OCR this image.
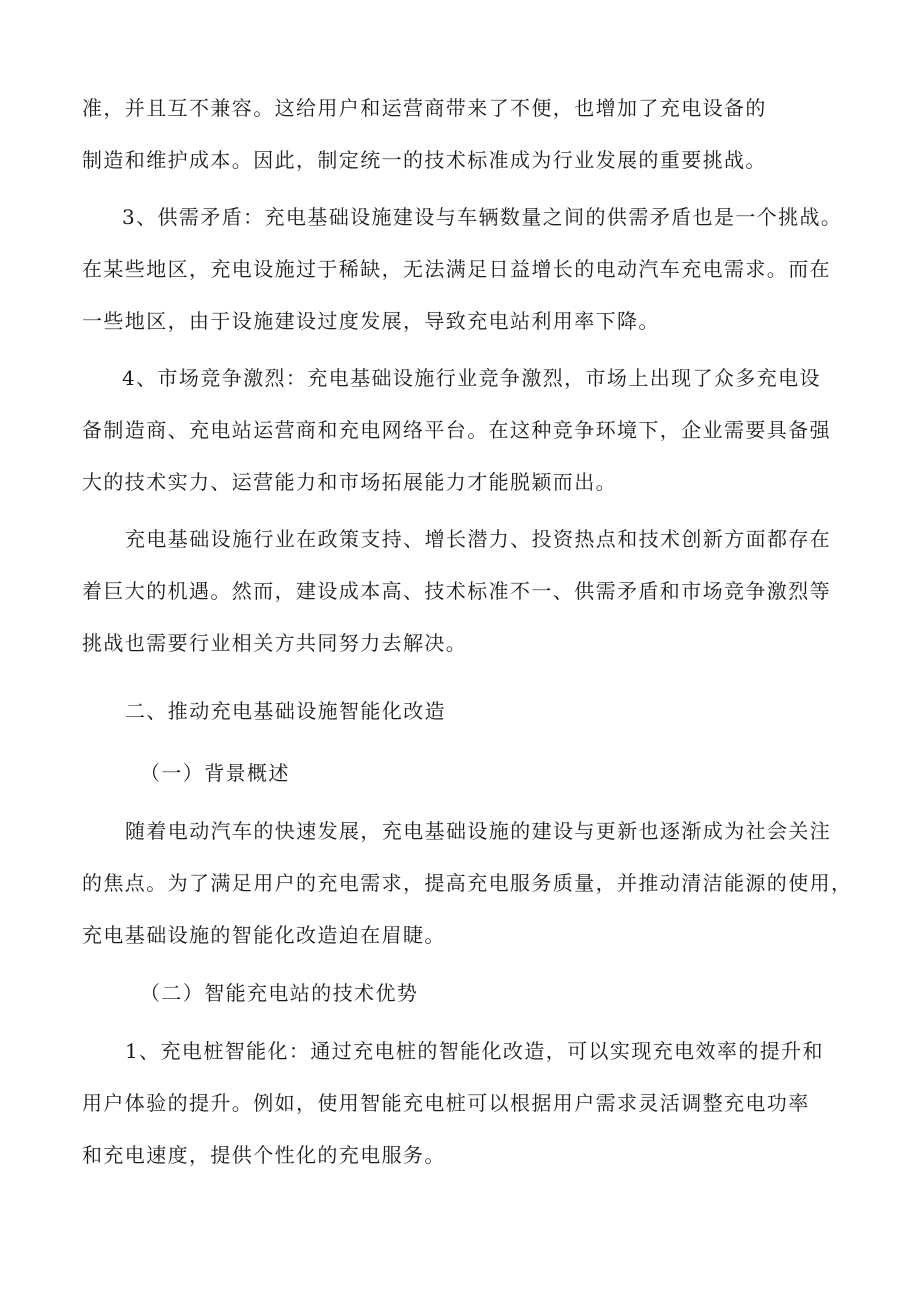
准，并且互不兼容。这给用户和运营商带来了不便，也增加了充电设备的
制造和维护成本。因此，制定统一的技术标准成为行业发展的重要挑战。
3、供需矛盾：充电基础设施建设与车辆数量之间的供需矛盾也是一个挑战。
在某些地区，充电设施过于稀缺，无法满足日益增长的电动汽车充电需求。而在
一些地区，由于设施建设过度发展，导致充电站利用率下降。
4、市场竞争激烈：充电基础设施行业竞争激烈，市场上出现了众多充电设
备制造商、充电站运营商和充电网络平台。在这种竞争环境下，企业需要具备强
大的技术实力、运营能力和市场拓展能力才能脱颖而出。
充电基础设施行业在政策支持、增长潜力、投资热点和技术创新方面都存在
着巨大的机遇。然而，建设成本高、技术标准不一、供需矛盾和市场竞争激烈等
挑战也需要行业相关方共同努力去解决。
二、推动充电基础设施智能化改造
（一）背景概述
随着电动汽车的快速发展，充电基础设施的建设与更新也逐渐成为社会关注
的焦点。为了满足用户的充电需求，提高充电服务质量，并推动清洁能源的使用，
充电基础设施的智能化改造迫在眉睫。
（二）智能充电站的技术优势
1、充电桩智能化：通过充电桩的智能化改造，可以实现充电效率的提升和
用户体验的提升。例如，使用智能充电桩可以根据用户需求灵活调整充电功率
和充电速度，提供个性化的充电服务。
